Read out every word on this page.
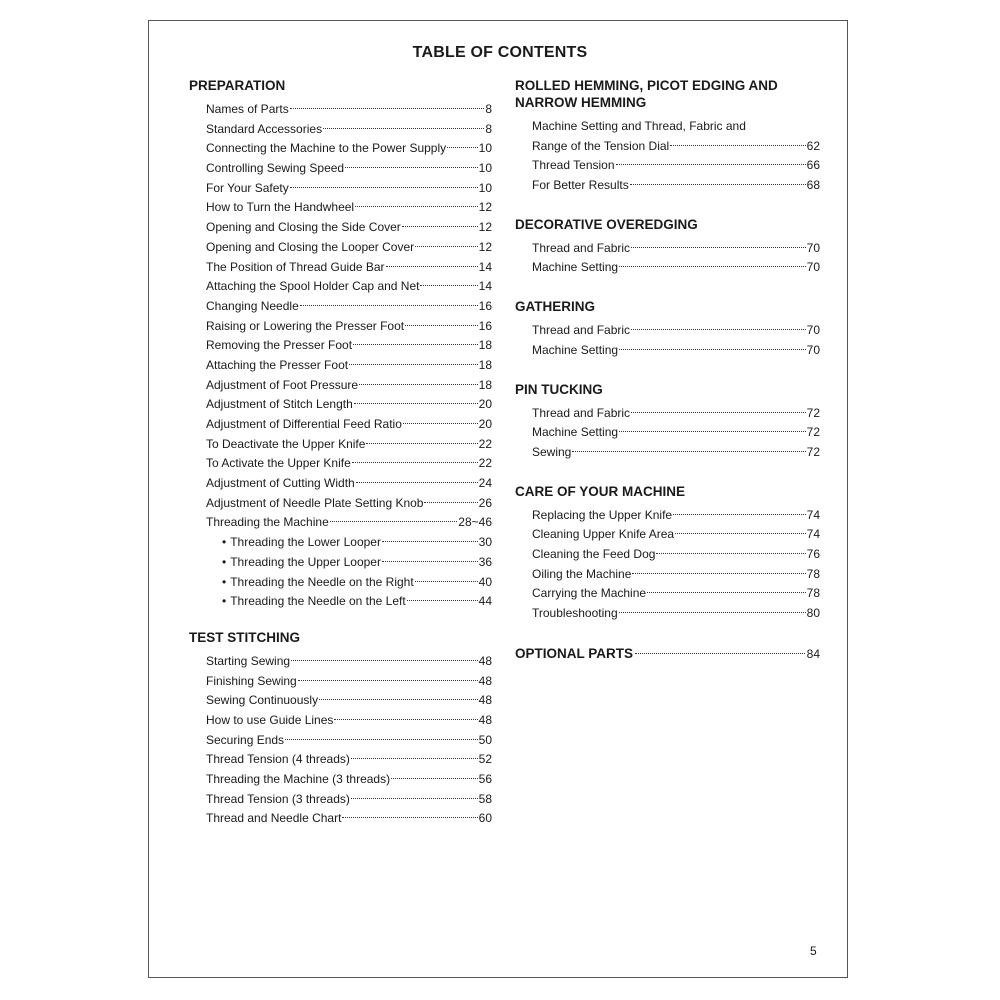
TABLE OF CONTENTS
PREPARATION
Names of Parts	8
Standard Accessories	8
Connecting the Machine to the Power Supply	10
Controlling Sewing Speed	10
For Your Safety	10
How to Turn the Handwheel	12
Opening and Closing the Side Cover	12
Opening and Closing the Looper Cover	12
The Position of Thread Guide Bar	14
Attaching the Spool Holder Cap and Net	14
Changing Needle	16
Raising or Lowering the Presser Foot	16
Removing the Presser Foot	18
Attaching the Presser Foot	18
Adjustment of Foot Pressure	18
Adjustment of Stitch Length	20
Adjustment of Differential Feed Ratio	20
To Deactivate the Upper Knife	22
To Activate the Upper Knife	22
Adjustment of Cutting Width	24
Adjustment of Needle Plate Setting Knob	26
Threading the Machine	28~46
• Threading the Lower Looper	30
• Threading the Upper Looper	36
• Threading the Needle on the Right	40
• Threading the Needle on the Left	44
TEST STITCHING
Starting Sewing	48
Finishing Sewing	48
Sewing Continuously	48
How to use Guide Lines	48
Securing Ends	50
Thread Tension (4 threads)	52
Threading the Machine (3 threads)	56
Thread Tension (3 threads)	58
Thread and Needle Chart	60
ROLLED HEMMING, PICOT EDGING AND
NARROW HEMMING
Machine Setting and Thread, Fabric and
Range of the Tension Dial	62
Thread Tension	66
For Better Results	68
DECORATIVE OVEREDGING
Thread and Fabric	70
Machine Setting	70
GATHERING
Thread and Fabric	70
Machine Setting	70
PIN TUCKING
Thread and Fabric	72
Machine Setting	72
Sewing	72
CARE OF YOUR MACHINE
Replacing the Upper Knife	74
Cleaning Upper Knife Area	74
Cleaning the Feed Dog	76
Oiling the Machine	78
Carrying the Machine	78
Troubleshooting	80
OPTIONAL PARTS	84
5
